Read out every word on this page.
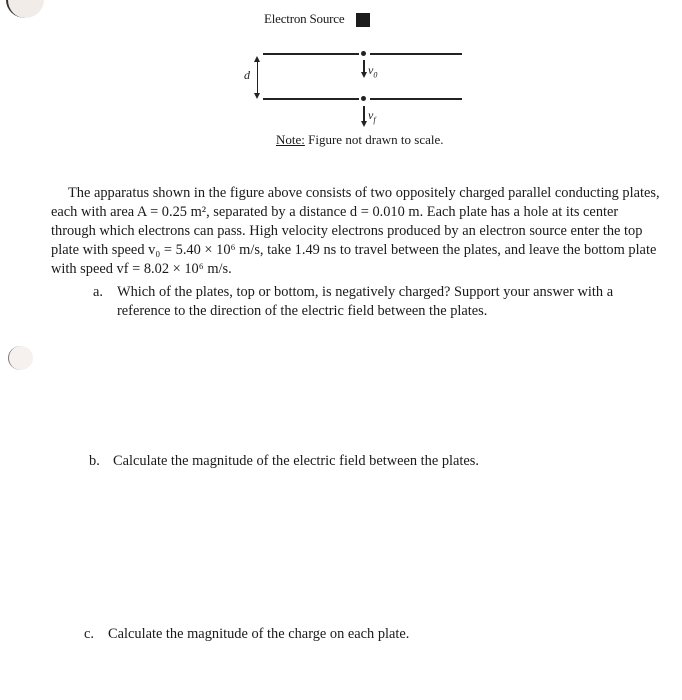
Electron Source
d	$v_0$
$v_f$
Note: Figure not drawn to scale.
The apparatus shown in the figure above consists of two oppositely charged parallel conducting plates,
each with area A = 0.25 m², separated by a distance d = 0.010 m. Each plate has a hole at its center
through which electrons can pass. High velocity electrons produced by an electron source enter the top
plate with speed v₀ = 5.40 × 10⁶ m/s, take 1.49 ns to travel between the plates, and leave the bottom plate
with speed vf = 8.02 × 10⁶ m/s.
a. Which of the plates, top or bottom, is negatively charged? Support your answer with a
reference to the direction of the electric field between the plates.
b. Calculate the magnitude of the electric field between the plates.
c. Calculate the magnitude of the charge on each plate.
